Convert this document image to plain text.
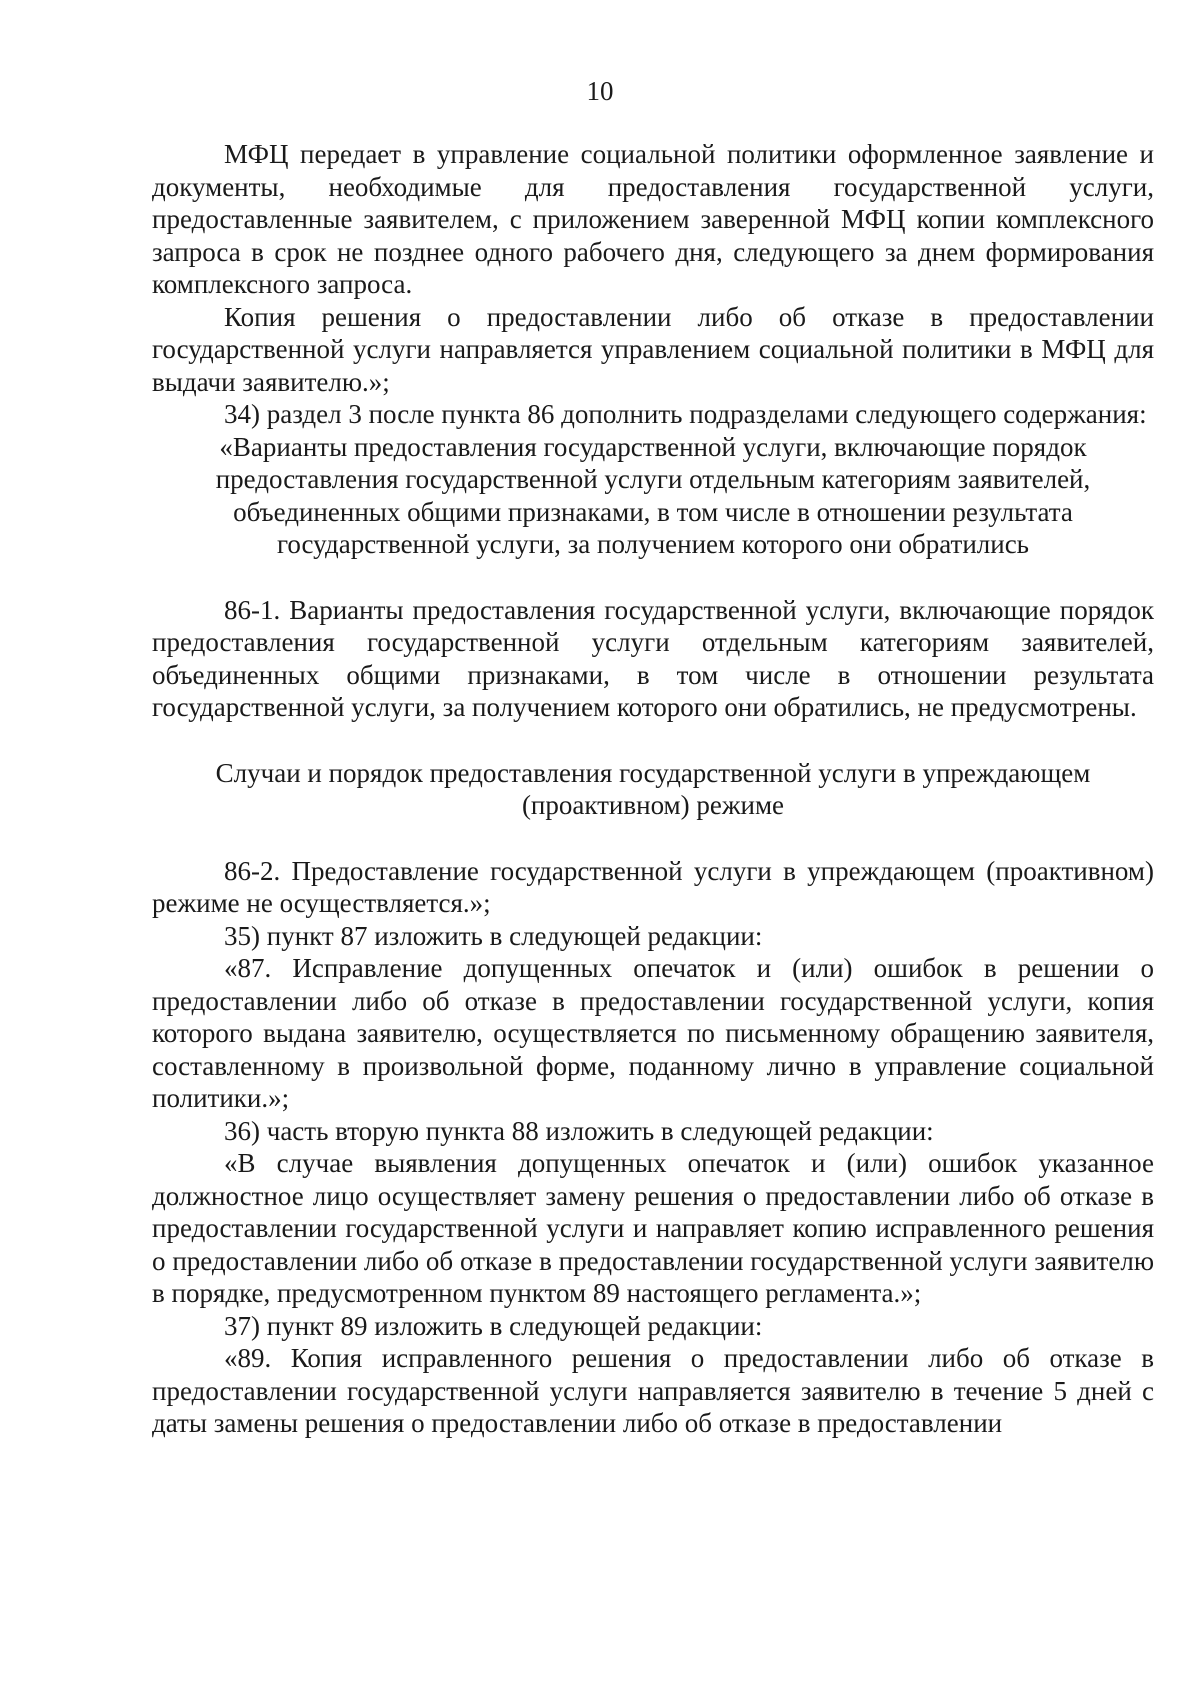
10

МФЦ передает в управление социальной политики оформленное заявление и документы, необходимые для предоставления государственной услуги, предоставленные заявителем, с приложением заверенной МФЦ копии комплексного запроса в срок не позднее одного рабочего дня, следующего за днем формирования комплексного запроса.

Копия решения о предоставлении либо об отказе в предоставлении государственной услуги направляется управлением социальной политики в МФЦ для выдачи заявителю.»;

34) раздел 3 после пункта 86 дополнить подразделами следующего содержания:

«Варианты предоставления государственной услуги, включающие порядок предоставления государственной услуги отдельным категориям заявителей, объединенных общими признаками, в том числе в отношении результата государственной услуги, за получением которого они обратились

86-1. Варианты предоставления государственной услуги, включающие порядок предоставления государственной услуги отдельным категориям заявителей, объединенных общими признаками, в том числе в отношении результата государственной услуги, за получением которого они обратились, не предусмотрены.

Случаи и порядок предоставления государственной услуги в упреждающем (проактивном) режиме

86-2. Предоставление государственной услуги в упреждающем (проактивном) режиме не осуществляется.»;

35) пункт 87 изложить в следующей редакции:

«87. Исправление допущенных опечаток и (или) ошибок в решении о предоставлении либо об отказе в предоставлении государственной услуги, копия которого выдана заявителю, осуществляется по письменному обращению заявителя, составленному в произвольной форме, поданному лично в управление социальной политики.»;

36) часть вторую пункта 88 изложить в следующей редакции:

«В случае выявления допущенных опечаток и (или) ошибок указанное должностное лицо осуществляет замену решения о предоставлении либо об отказе в предоставлении государственной услуги и направляет копию исправленного решения о предоставлении либо об отказе в предоставлении государственной услуги заявителю в порядке, предусмотренном пунктом 89 настоящего регламента.»;

37) пункт 89 изложить в следующей редакции:

«89. Копия исправленного решения о предоставлении либо об отказе в предоставлении государственной услуги направляется заявителю в течение 5 дней с даты замены решения о предоставлении либо об отказе в предоставлении
